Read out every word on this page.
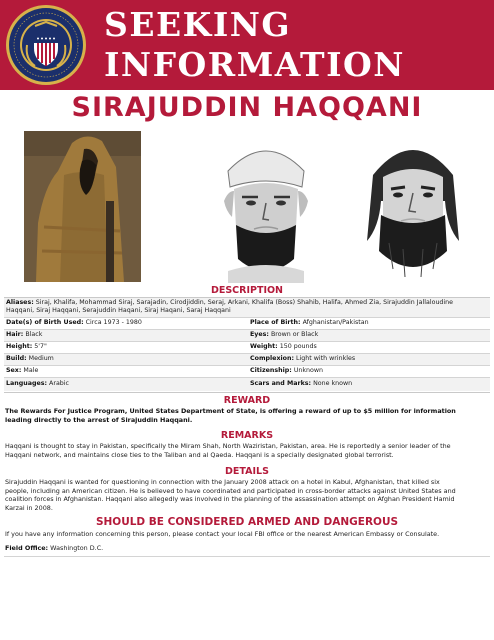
SEEKING
INFORMATION
SIRAJUDDIN HAQQANI
DESCRIPTION
Aliases: Siraj, Khalifa, Mohammad Siraj, Sarajadin, Cirodjiddin, Seraj, Arkani, Khalifa (Boss) Shahib, Halifa, Ahmed Zia, Sirajuddin Jallaloudine
Haqqani, Siraj Haqqani, Serajuddin Haqani, Siraj Haqani, Saraj Haqqani
Date(s) of Birth Used: Circa 1973 - 1980	Place of Birth: Afghanistan/Pakistan
Hair: Black	Eyes: Brown or Black
Height: 5'7"	Weight: 150 pounds
Build: Medium	Complexion: Light with wrinkles
Sex: Male	Citizenship: Unknown
Languages: Arabic	Scars and Marks: None known
REWARD
The Rewards For Justice Program, United States Department of State, is offering a reward of up to $5 million for information
leading directly to the arrest of Sirajuddin Haqqani.
REMARKS
Haqqani is thought to stay in Pakistan, specifically the Miram Shah, North Waziristan, Pakistan, area. He is reportedly a senior leader of the
Haqqani network, and maintains close ties to the Taliban and al Qaeda. Haqqani is a specially designated global terrorist.
DETAILS
Sirajuddin Haqqani is wanted for questioning in connection with the January 2008 attack on a hotel in Kabul, Afghanistan, that killed six
people, including an American citizen. He is believed to have coordinated and participated in cross-border attacks against United States and
coalition forces in Afghanistan. Haqqani also allegedly was involved in the planning of the assassination attempt on Afghan President Hamid
Karzai in 2008.
SHOULD BE CONSIDERED ARMED AND DANGEROUS
If you have any information concerning this person, please contact your local FBI office or the nearest American Embassy or Consulate.
Field Office: Washington D.C.
